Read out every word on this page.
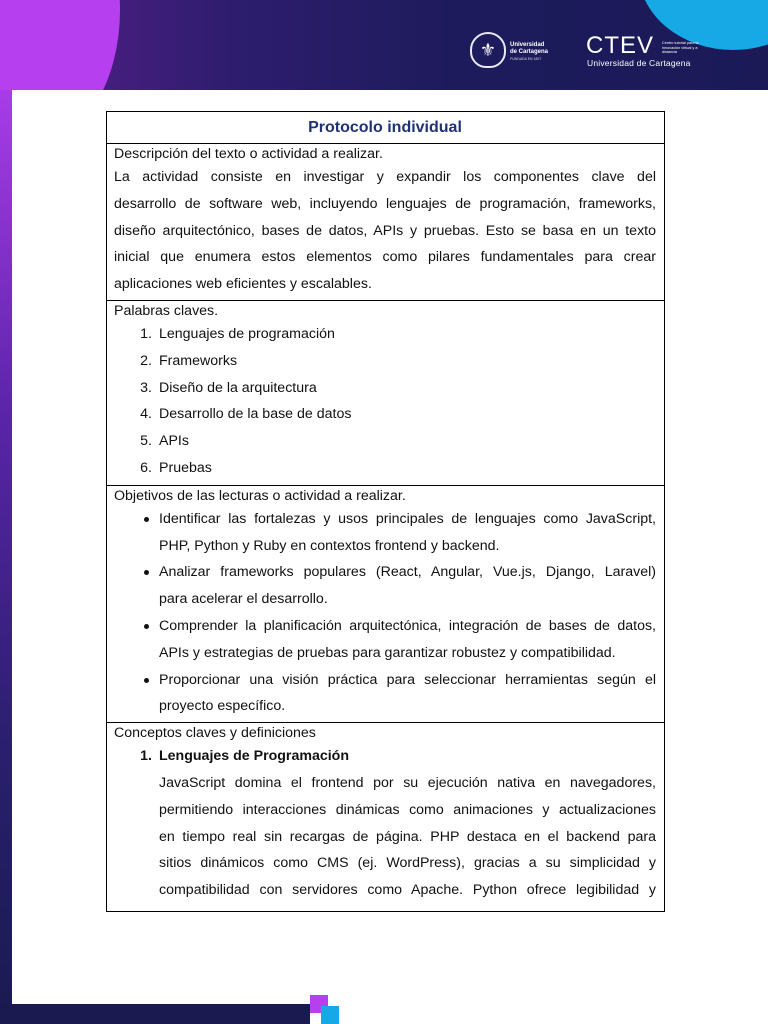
⚜	Universidad
de Cartagena
FUNDADA EN 1827 CTEV Centro tutorial para la innovación virtual y a distancia
Universidad de Cartagena
Protocolo individual
Descripción del texto o actividad a realizar.
La actividad consiste en investigar y expandir los componentes clave del
desarrollo de software web, incluyendo lenguajes de programación, frameworks,
diseño arquitectónico, bases de datos, APIs y pruebas. Esto se basa en un texto
inicial que enumera estos elementos como pilares fundamentales para crear
aplicaciones web eficientes y escalables.
Palabras claves.
1. Lenguajes de programación
2. Frameworks
3. Diseño de la arquitectura
4. Desarrollo de la base de datos
5. APIs
6. Pruebas
Objetivos de las lecturas o actividad a realizar.
Identificar las fortalezas y usos principales de lenguajes como JavaScript,
PHP, Python y Ruby en contextos frontend y backend.
Analizar frameworks populares (React, Angular, Vue.js, Django, Laravel)
para acelerar el desarrollo.
Comprender la planificación arquitectónica, integración de bases de datos,
APIs y estrategias de pruebas para garantizar robustez y compatibilidad.
Proporcionar una visión práctica para seleccionar herramientas según el
proyecto específico.
Conceptos claves y definiciones
1. Lenguajes de Programación
JavaScript domina el frontend por su ejecución nativa en navegadores,
permitiendo interacciones dinámicas como animaciones y actualizaciones
en tiempo real sin recargas de página. PHP destaca en el backend para
sitios dinámicos como CMS (ej. WordPress), gracias a su simplicidad y
compatibilidad con servidores como Apache. Python ofrece legibilidad y
